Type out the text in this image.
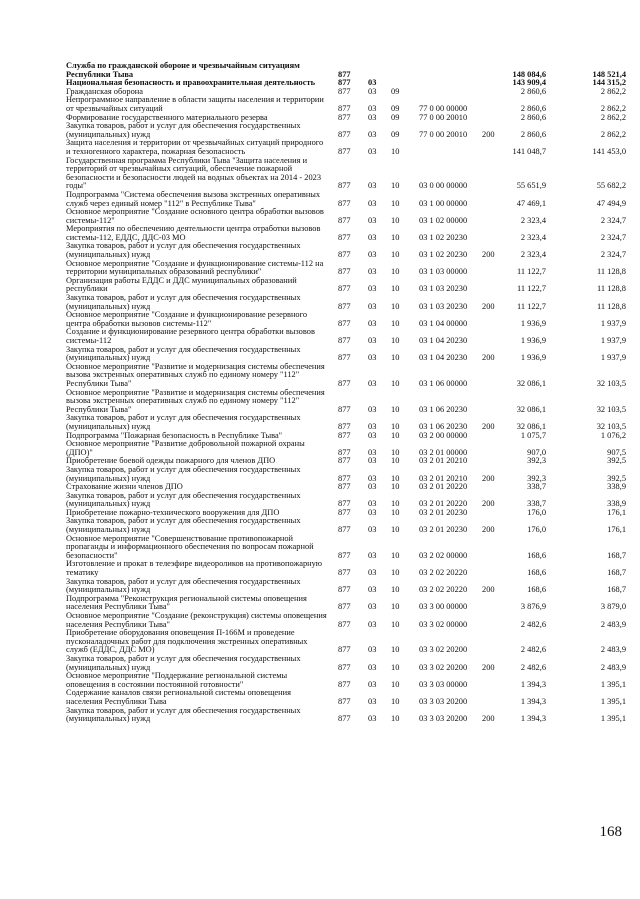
Служба по гражданской обороне и чрезвычайным ситуациям Республики Тыва	877	148 084,6	148 521,4
Национальная безопасность и правоохранительная деятельность	877 03	143 909,4	144 315,2
Гражданская оборона	877 03 09	2 860,6	2 862,2
Непрограммное направление в области защиты населения и территории от чрезвычайных ситуаций	877 03 09 77 0 00 00000	2 860,6	2 862,2
Формирование государственного материального резерва	877 03 09 77 0 00 20010	2 860,6	2 862,2
Закупка товаров, работ и услуг для обеспечения государственных (муниципальных) нужд	877 03 09 77 0 00 20010 200	2 860,6	2 862,2
Защита населения и территории от чрезвычайных ситуаций природного и техногенного характера, пожарная безопасность	877 03 10	141 048,7	141 453,0
Государственная программа Республики Тыва "Защита населения и территорий от чрезвычайных ситуаций, обеспечение пожарной безопасности и безопасности людей на водных объектах на 2014 - 2023 годы"	877 03 10 03 0 00 00000	55 651,9	55 682,2
Подпрограмма "Система обеспечения вызова экстренных оперативных служб через единый номер "112" в Республике Тыва"	877 03 10 03 1 00 00000	47 469,1	47 494,9
Основное мероприятие "Создание основного центра обработки вызовов системы-112"	877 03 10 03 1 02 00000	2 323,4	2 324,7
Мероприятия по обеспечению деятельности центра отработки вызовов системы-112, ЕДДС, ДДС-03 МО	877 03 10 03 1 02 20230	2 323,4	2 324,7
Закупка товаров, работ и услуг для обеспечения государственных (муниципальных) нужд	877 03 10 03 1 02 20230 200	2 323,4	2 324,7
Основное мероприятие "Создание и функционирование системы-112 на территории муниципальных образований республики"	877 03 10 03 1 03 00000	11 122,7	11 128,8
Организация работы ЕДДС и ДДС муниципальных образований республики	877 03 10 03 1 03 20230	11 122,7	11 128,8
Закупка товаров, работ и услуг для обеспечения государственных (муниципальных) нужд	877 03 10 03 1 03 20230 200	11 122,7	11 128,8
Основное мероприятие "Создание и функционирование резервного центра обработки вызовов системы-112"	877 03 10 03 1 04 00000	1 936,9	1 937,9
Создание и функционирование резервного центра обработки вызовов системы-112	877 03 10 03 1 04 20230	1 936,9	1 937,9
Закупка товаров, работ и услуг для обеспечения государственных (муниципальных) нужд	877 03 10 03 1 04 20230 200	1 936,9	1 937,9
Основное мероприятие "Развитие и модернизация системы обеспечения вызова экстренных оперативных служб по единому номеру "112" Республики Тыва"	877 03 10 03 1 06 00000	32 086,1	32 103,5
Основное мероприятие "Развитие и модернизация системы обеспечения вызова экстренных оперативных служб по единому номеру "112" Республики Тыва"	877 03 10 03 1 06 20230	32 086,1	32 103,5
Закупка товаров, работ и услуг для обеспечения государственных (муниципальных) нужд	877 03 10 03 1 06 20230 200	32 086,1	32 103,5
Подпрограмма "Пожарная безопасность в Республике Тыва"	877 03 10 03 2 00 00000	1 075,7	1 076,2
Основное мероприятие "Развитие добровольной пожарной охраны (ДПО)"	877 03 10 03 2 01 00000	907,0	907,5
Приобретение боевой одежды пожарного для членов ДПО	877 03 10 03 2 01 20210	392,3	392,5
Закупка товаров, работ и услуг для обеспечения государственных (муниципальных) нужд	877 03 10 03 2 01 20210 200	392,3	392,5
Страхование жизни членов ДПО	877 03 10 03 2 01 20220	338,7	338,9
Закупка товаров, работ и услуг для обеспечения государственных (муниципальных) нужд	877 03 10 03 2 01 20220 200	338,7	338,9
Приобретение пожарно-технического вооружения для ДПО	877 03 10 03 2 01 20230	176,0	176,1
Закупка товаров, работ и услуг для обеспечения государственных (муниципальных) нужд	877 03 10 03 2 01 20230 200	176,0	176,1
Основное мероприятие "Совершенствование противопожарной пропаганды и информационного обеспечения по вопросам пожарной безопасности"	877 03 10 03 2 02 00000	168,6	168,7
Изготовление и прокат в телеэфире видеороликов на противопожарную тематику	877 03 10 03 2 02 20220	168,6	168,7
Закупка товаров, работ и услуг для обеспечения государственных (муниципальных) нужд	877 03 10 03 2 02 20220 200	168,6	168,7
Подпрограмма "Реконструкция региональной системы оповещения населения Республики Тыва"	877 03 10 03 3 00 00000	3 876,9	3 879,0
Основное мероприятие "Создание (реконструкция) системы оповещения населения Республики Тыва"	877 03 10 03 3 02 00000	2 482,6	2 483,9
Приобретение оборудования оповещения П-166М и проведение пусконаладочных работ для подключения экстренных оперативных служб (ЕДДС, ДДС МО)	877 03 10 03 3 02 20200	2 482,6	2 483,9
Закупка товаров, работ и услуг для обеспечения государственных (муниципальных) нужд	877 03 10 03 3 02 20200 200	2 482,6	2 483,9
Основное мероприятие "Поддержание региональной системы оповещения в состоянии постоянной готовности"	877 03 10 03 3 03 00000	1 394,3	1 395,1
Содержание каналов связи региональной системы оповещения населения Республики Тыва	877 03 10 03 3 03 20200	1 394,3	1 395,1
Закупка товаров, работ и услуг для обеспечения государственных (муниципальных) нужд	877 03 10 03 3 03 20200 200	1 394,3	1 395,1
168
